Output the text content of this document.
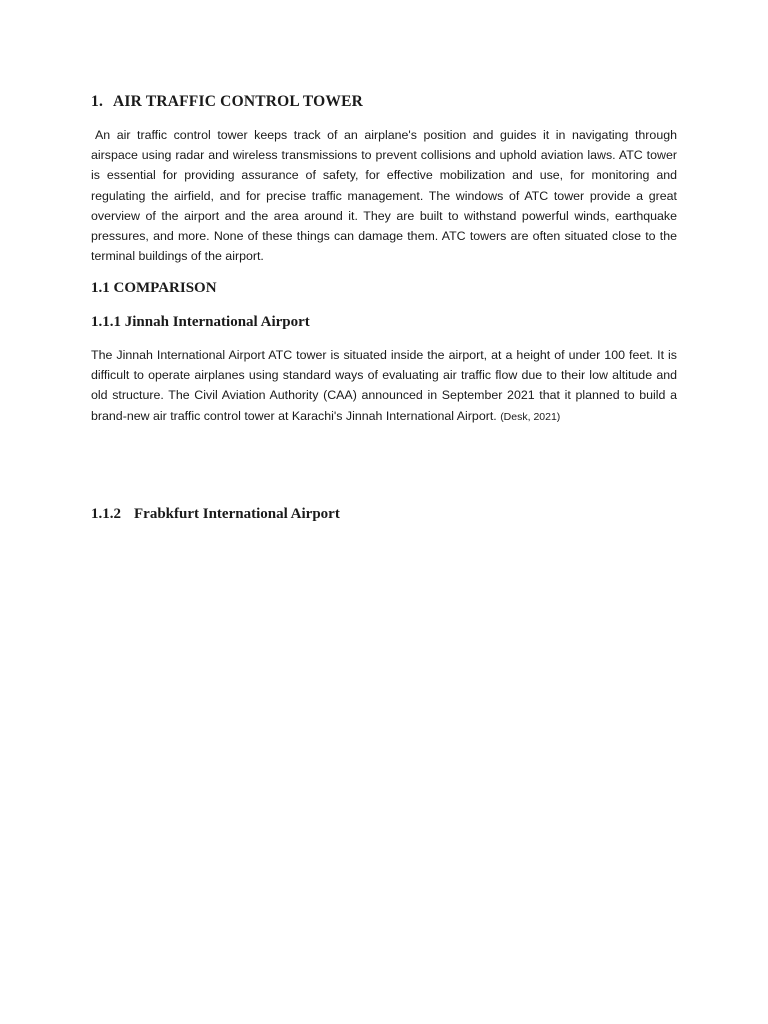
1. AIR TRAFFIC CONTROL TOWER

An air traffic control tower keeps track of an airplane's position and guides it in navigating through airspace using radar and wireless transmissions to prevent collisions and uphold aviation laws. ATC tower is essential for providing assurance of safety, for effective mobilization and use, for monitoring and regulating the airfield, and for precise traffic management. The windows of ATC tower provide a great overview of the airport and the area around it. They are built to withstand powerful winds, earthquake pressures, and more. None of these things can damage them. ATC towers are often situated close to the terminal buildings of the airport.

1.1 COMPARISON
1.1.1 Jinnah International Airport

The Jinnah International Airport ATC tower is situated inside the airport, at a height of under 100 feet. It is difficult to operate airplanes using standard ways of evaluating air traffic flow due to their low altitude and old structure. The Civil Aviation Authority (CAA) announced in September 2021 that it planned to build a brand-new air traffic control tower at Karachi's Jinnah International Airport. (Desk, 2021)

1.1.2 Frabkfurt International Airport
